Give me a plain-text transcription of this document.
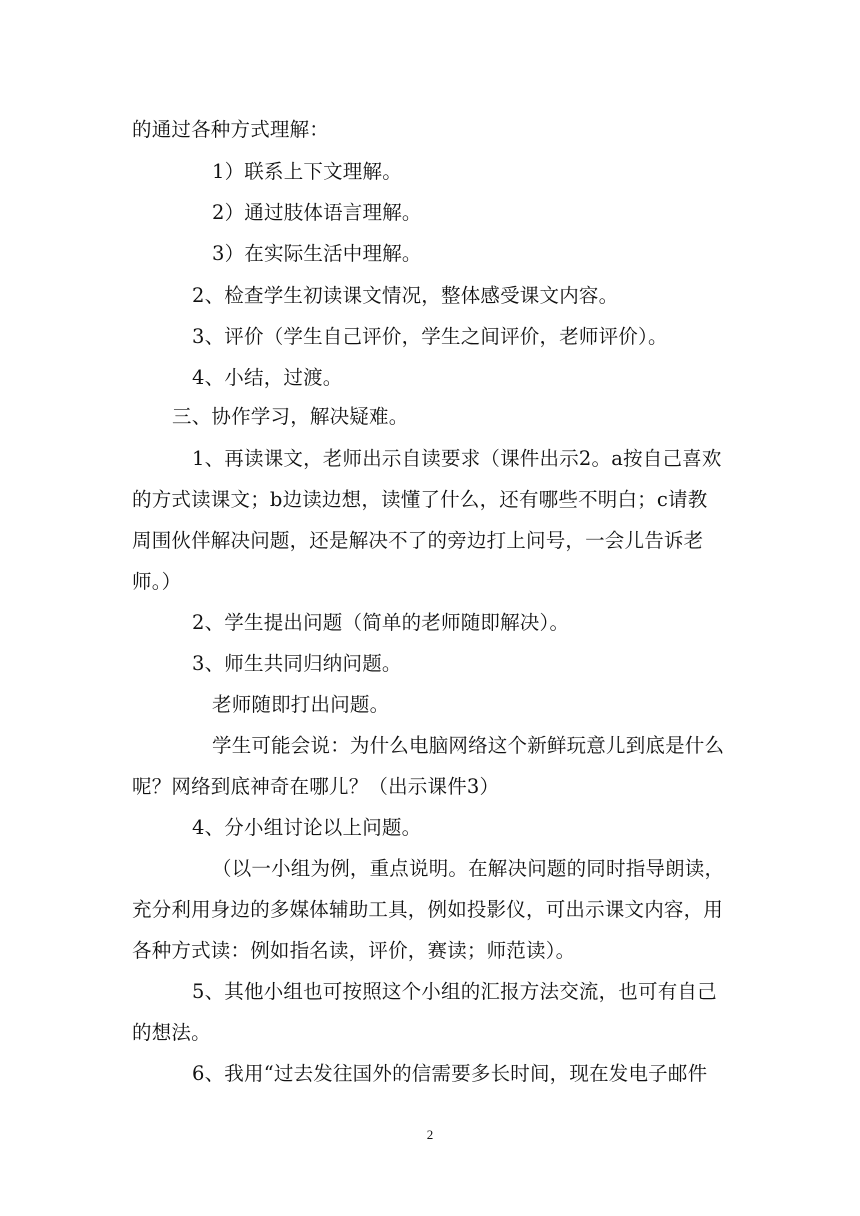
的通过各种方式理解：
1）联系上下文理解。
2）通过肢体语言理解。
3）在实际生活中理解。
2、检查学生初读课文情况，整体感受课文内容。
3、评价（学生自己评价，学生之间评价，老师评价）。
4、小结，过渡。
三、协作学习，解决疑难。
1、再读课文，老师出示自读要求（课件出示2。a按自己喜欢
的方式读课文；b边读边想，读懂了什么，还有哪些不明白；c请教
周围伙伴解决问题，还是解决不了的旁边打上问号，一会儿告诉老
师。）
2、学生提出问题（简单的老师随即解决）。
3、师生共同归纳问题。
老师随即打出问题。
学生可能会说：为什么电脑网络这个新鲜玩意儿到底是什么
呢？网络到底神奇在哪儿？（出示课件3）
4、分小组讨论以上问题。
（以一小组为例，重点说明。在解决问题的同时指导朗读，
充分利用身边的多媒体辅助工具，例如投影仪，可出示课文内容，用
各种方式读：例如指名读，评价，赛读；师范读）。
5、其他小组也可按照这个小组的汇报方法交流，也可有自己
的想法。
6、我用“过去发往国外的信需要多长时间，现在发电子邮件
2
